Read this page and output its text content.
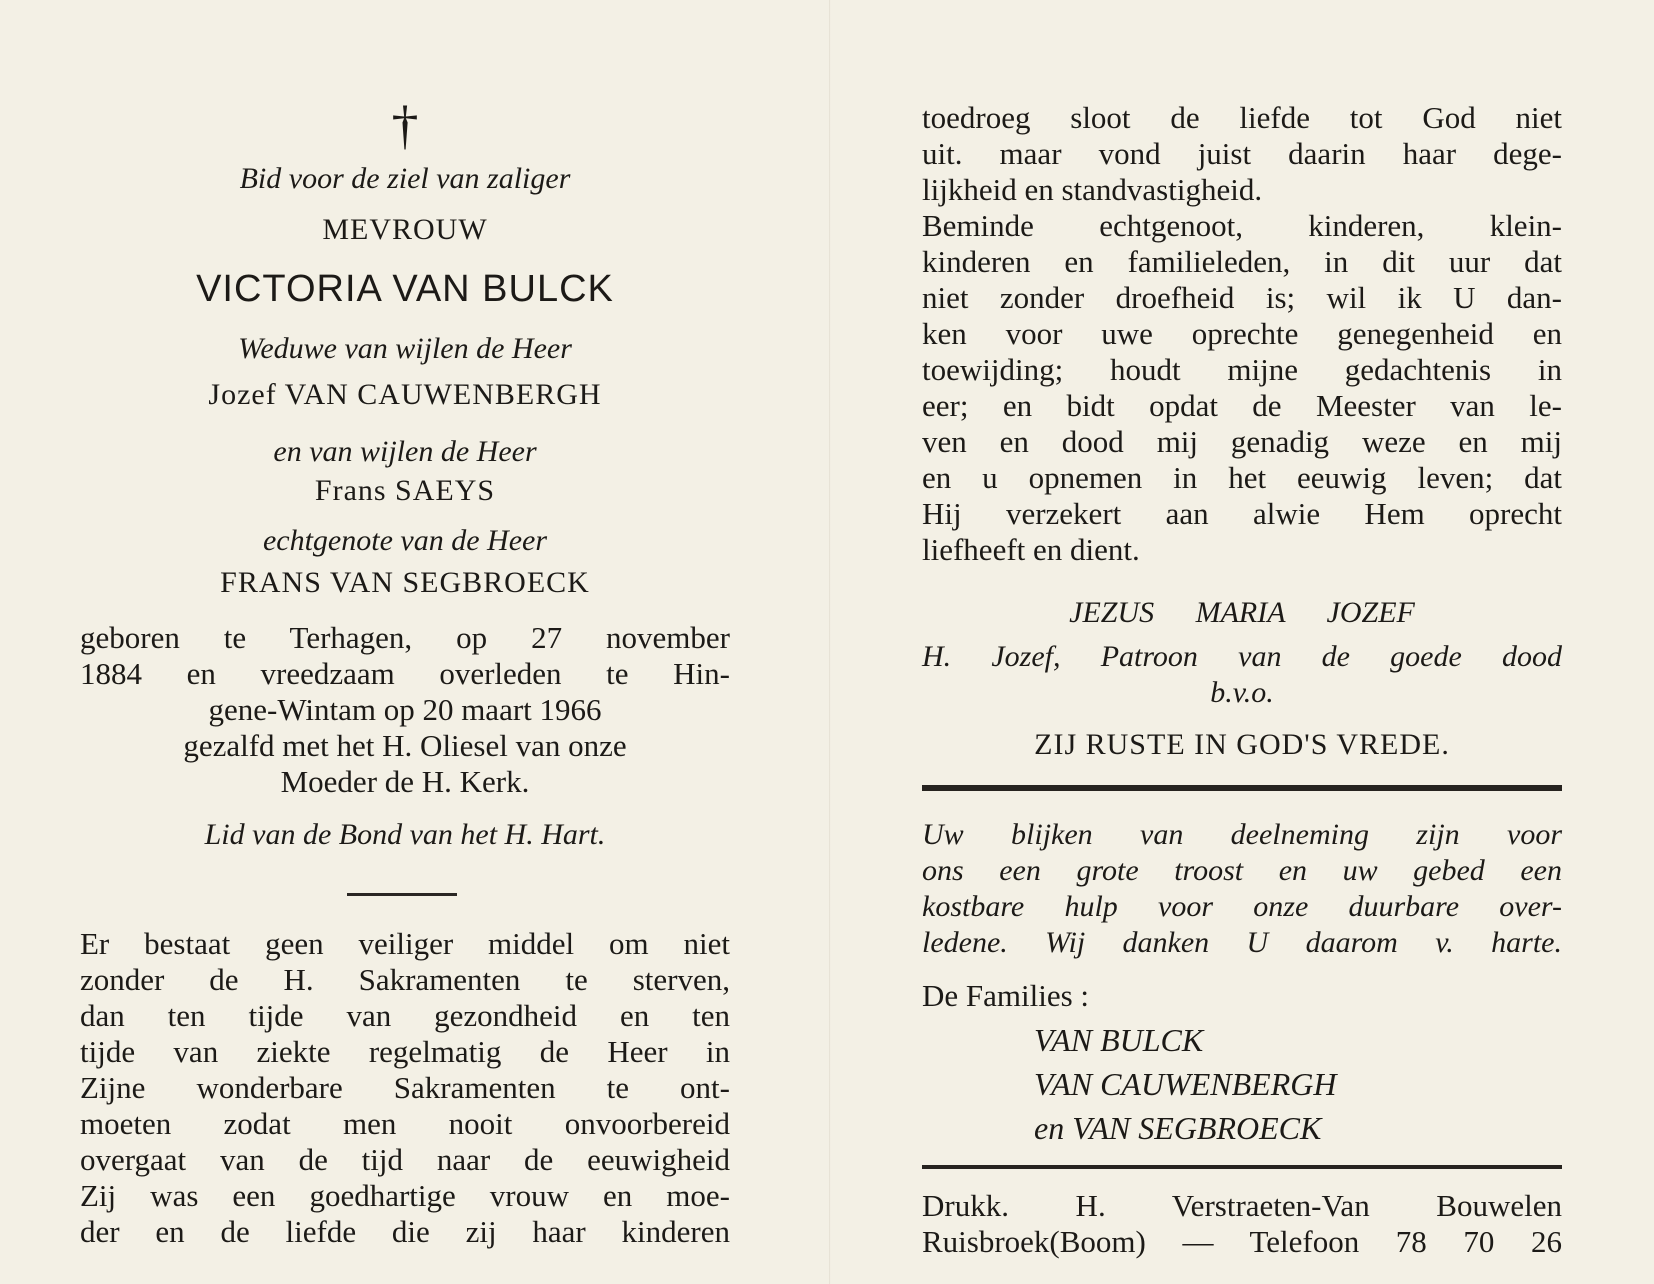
†
Bid voor de ziel van zaliger
MEVROUW
VICTORIA VAN BULCK
Weduwe van wijlen de Heer
Jozef VAN CAUWENBERGH
en van wijlen de Heer
Frans SAEYS
echtgenote van de Heer
FRANS VAN SEGBROECK
geboren te Terhagen, op 27 november
1884 en vreedzaam overleden te Hin-
gene-Wintam op 20 maart 1966
gezalfd met het H. Oliesel van onze
Moeder de H. Kerk.
Lid van de Bond van het H. Hart.
Er bestaat geen veiliger middel om niet
zonder de H. Sakramenten te sterven,
dan ten tijde van gezondheid en ten
tijde van ziekte regelmatig de Heer in
Zijne wonderbare Sakramenten te ont-
moeten zodat men nooit onvoorbereid
overgaat van de tijd naar de eeuwigheid
Zij was een goedhartige vrouw en moe-
der en de liefde die zij haar kinderen
toedroeg sloot de liefde tot God niet
uit. maar vond juist daarin haar dege-
lijkheid en standvastigheid.
Beminde echtgenoot, kinderen, klein-
kinderen en familieleden, in dit uur dat
niet zonder droefheid is; wil ik U dan-
ken voor uwe oprechte genegenheid en
toewijding; houdt mijne gedachtenis in
eer; en bidt opdat de Meester van le-
ven en dood mij genadig weze en mij
en u opnemen in het eeuwig leven; dat
Hij verzekert aan alwie Hem oprecht
liefheeft en dient.
JEZUS MARIA JOZEF
H. Jozef, Patroon van de goede dood
b.v.o.
ZIJ RUSTE IN GOD'S VREDE.
Uw blijken van deelneming zijn voor
ons een grote troost en uw gebed een
kostbare hulp voor onze duurbare over-
ledene. Wij danken U daarom v. harte.
De Families :
VAN BULCK
VAN CAUWENBERGH
en VAN SEGBROECK
Drukk. H. Verstraeten-Van Bouwelen
Ruisbroek(Boom) — Telefoon 78 70 26
